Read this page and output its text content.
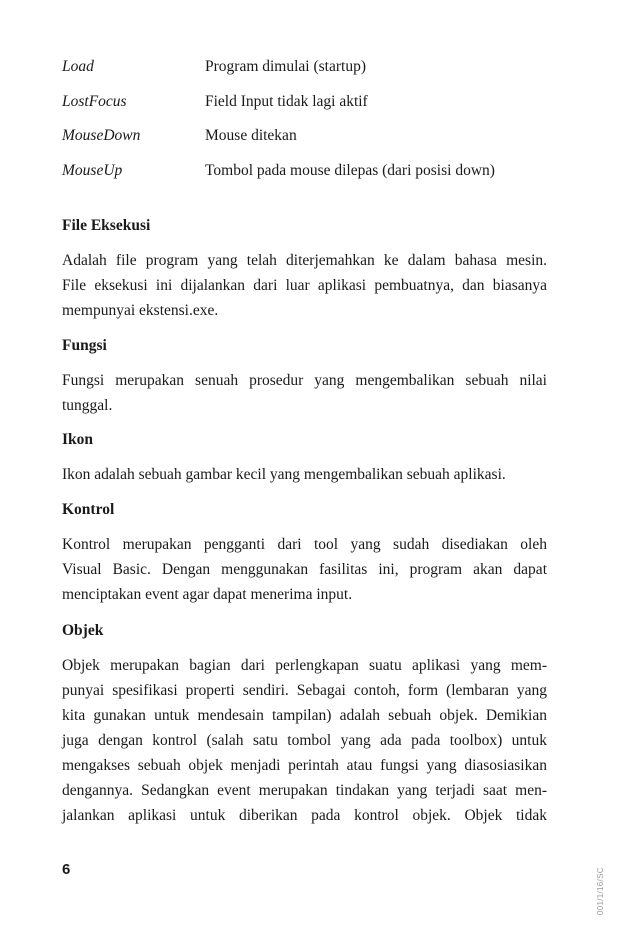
Load	Program dimulai (startup)
LostFocus	Field Input tidak lagi aktif
MouseDown	Mouse ditekan
MouseUp	Tombol pada mouse dilepas (dari posisi down)
File Eksekusi

Adalah file program yang telah diterjemahkan ke dalam bahasa mesin.
File eksekusi ini dijalankan dari luar aplikasi pembuatnya, dan biasanya
mempunyai ekstensi.exe.

Fungsi

Fungsi merupakan senuah prosedur yang mengembalikan sebuah nilai
tunggal.

Ikon

Ikon adalah sebuah gambar kecil yang mengembalikan sebuah aplikasi.

Kontrol

Kontrol merupakan pengganti dari tool yang sudah disediakan oleh
Visual Basic. Dengan menggunakan fasilitas ini, program akan dapat
menciptakan event agar dapat menerima input.

Objek

Objek merupakan bagian dari perlengkapan suatu aplikasi yang mem-
punyai spesifikasi properti sendiri. Sebagai contoh, form (lembaran yang
kita gunakan untuk mendesain tampilan) adalah sebuah objek. Demikian
juga dengan kontrol (salah satu tombol yang ada pada toolbox) untuk
mengakses sebuah objek menjadi perintah atau fungsi yang diasosiasikan
dengannya. Sedangkan event merupakan tindakan yang terjadi saat men-
jalankan aplikasi untuk diberikan pada kontrol objek. Objek tidak

6	001/1/16/SC
